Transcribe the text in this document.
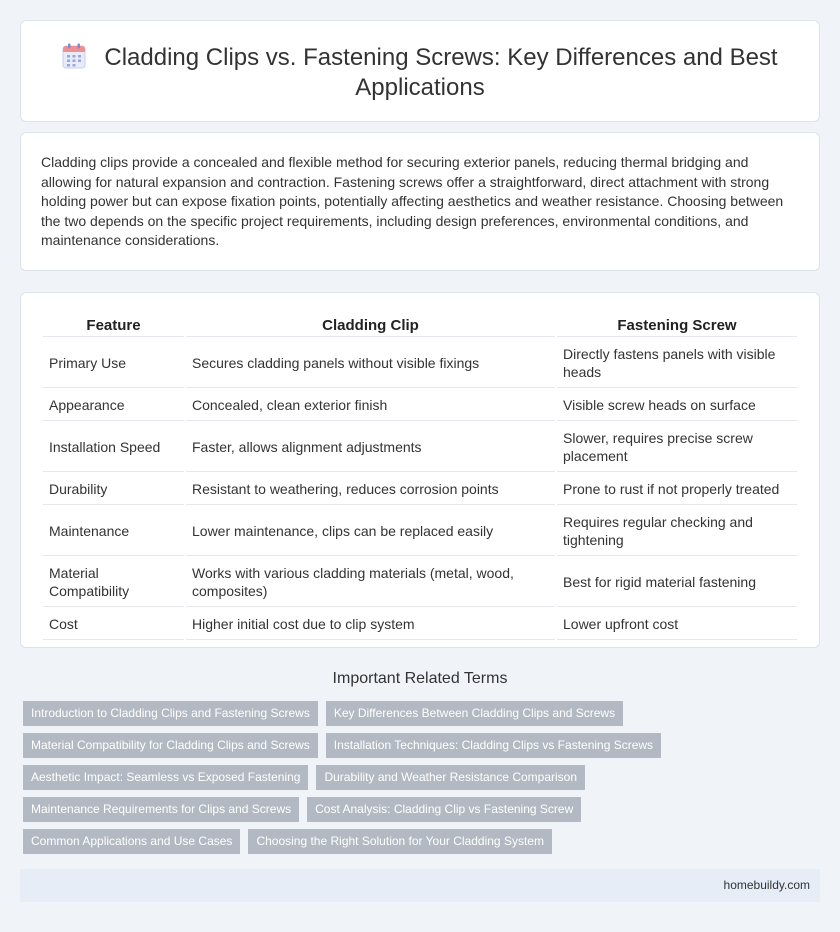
Cladding Clips vs. Fastening Screws: Key Differences and Best Applications

Cladding clips provide a concealed and flexible method for securing exterior panels, reducing thermal bridging and allowing for natural expansion and contraction. Fastening screws offer a straightforward, direct attachment with strong holding power but can expose fixation points, potentially affecting aesthetics and weather resistance. Choosing between the two depends on the specific project requirements, including design preferences, environmental conditions, and maintenance considerations.

Feature	Cladding Clip	Fastening Screw
Primary Use	Secures cladding panels without visible fixings	Directly fastens panels with visible heads
Appearance	Concealed, clean exterior finish	Visible screw heads on surface
Installation Speed	Faster, allows alignment adjustments	Slower, requires precise screw placement
Durability	Resistant to weathering, reduces corrosion points	Prone to rust if not properly treated
Maintenance	Lower maintenance, clips can be replaced easily	Requires regular checking and tightening
Material Compatibility	Works with various cladding materials (metal, wood, composites)	Best for rigid material fastening
Cost	Higher initial cost due to clip system	Lower upfront cost
Important Related Terms
Introduction to Cladding Clips and Fastening Screws	Key Differences Between Cladding Clips and Screws
Material Compatibility for Cladding Clips and Screws	Installation Techniques: Cladding Clips vs Fastening Screws
Aesthetic Impact: Seamless vs Exposed Fastening	Durability and Weather Resistance Comparison
Maintenance Requirements for Clips and Screws	Cost Analysis: Cladding Clip vs Fastening Screw
Common Applications and Use Cases	Choosing the Right Solution for Your Cladding System
homebuildy.com
